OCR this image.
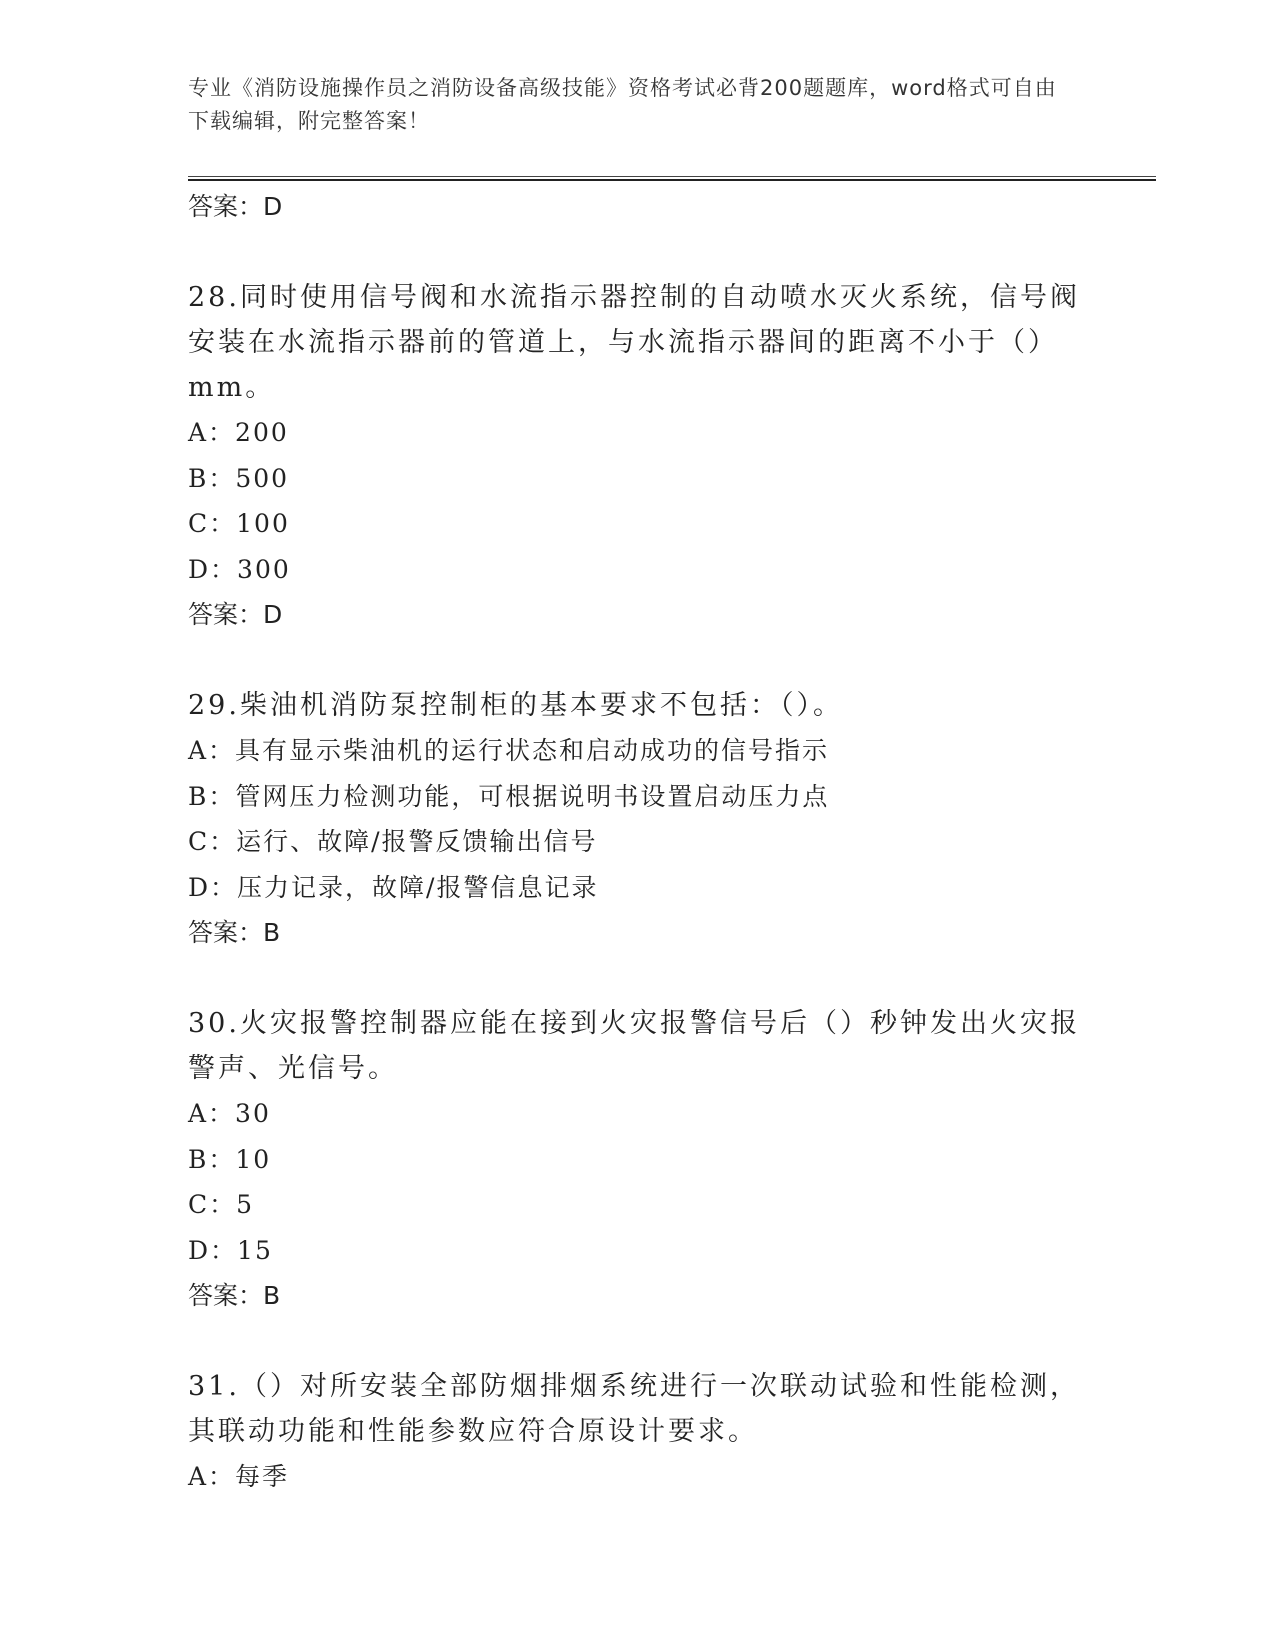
专业《消防设施操作员之消防设备高级技能》资格考试必背200题题库，word格式可自由下载编辑，附完整答案！
答案：D
28.同时使用信号阀和水流指示器控制的自动喷水灭火系统，信号阀安装在水流指示器前的管道上，与水流指示器间的距离不小于（）mm。
A：200
B：500
C：100
D：300
答案：D
29.柴油机消防泵控制柜的基本要求不包括：（）。
A：具有显示柴油机的运行状态和启动成功的信号指示
B：管网压力检测功能，可根据说明书设置启动压力点
C：运行、故障/报警反馈输出信号
D：压力记录，故障/报警信息记录
答案：B
30.火灾报警控制器应能在接到火灾报警信号后（）秒钟发出火灾报警声、光信号。
A：30
B：10
C：5
D：15
答案：B
31.（）对所安装全部防烟排烟系统进行一次联动试验和性能检测，其联动功能和性能参数应符合原设计要求。
A：每季
